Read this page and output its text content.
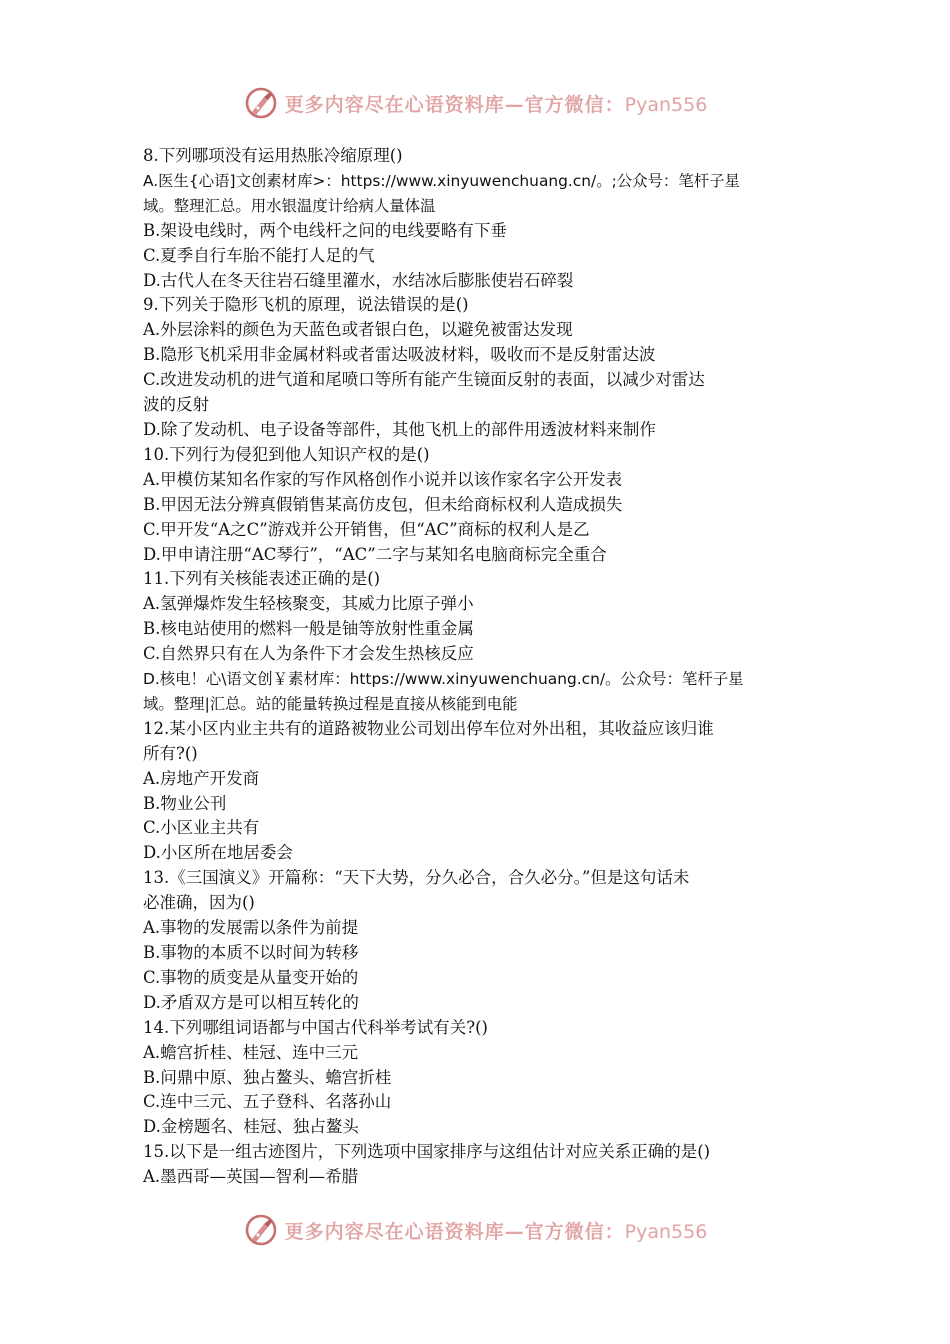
更多内容尽在心语资料库—官方微信：Pyan556
8.下列哪项没有运用热胀冷缩原理()
A.医生{心语]文创素材库>：https://www.xinyuwenchuang.cn/。;公众号：笔杆子星
域。整理汇总。用水银温度计给病人量体温
B.架设电线时，两个电线杆之问的电线要略有下垂
C.夏季自行车胎不能打人足的气
D.古代人在冬天往岩石缝里灌水，水结冰后膨胀使岩石碎裂
9.下列关于隐形飞机的原理，说法错误的是()
A.外层涂料的颜色为天蓝色或者银白色，以避免被雷达发现
B.隐形飞机采用非金属材料或者雷达吸波材料，吸收而不是反射雷达波
C.改进发动机的进气道和尾喷口等所有能产生镜面反射的表面，以减少对雷达
波的反射
D.除了发动机、电子设备等部件，其他飞机上的部件用透波材料来制作
10.下列行为侵犯到他人知识产权的是()
A.甲模仿某知名作家的写作风格创作小说并以该作家名字公开发表
B.甲因无法分辨真假销售某高仿皮包，但未给商标权利人造成损失
C.甲开发“A之C”游戏并公开销售，但“AC”商标的权利人是乙
D.甲申请注册“AC琴行”，“AC”二字与某知名电脑商标完全重合
11.下列有关核能表述正确的是()
A.氢弹爆炸发生轻核聚变，其威力比原子弹小
B.核电站使用的燃料一般是铀等放射性重金属
C.自然界只有在人为条件下才会发生热核反应
D.核电！心\语文创￥素材库：https://www.xinyuwenchuang.cn/。公众号：笔杆子星
域。整理|汇总。站的能量转换过程是直接从核能到电能
12.某小区内业主共有的道路被物业公司划出停车位对外出租，其收益应该归谁
所有?()
A.房地产开发商
B.物业公刊
C.小区业主共有
D.小区所在地居委会
13.《三国演义》开篇称：“天下大势，分久必合，合久必分。”但是这句话未
必准确，因为()
A.事物的发展需以条件为前提
B.事物的本质不以时间为转移
C.事物的质变是从量变开始的
D.矛盾双方是可以相互转化的
14.下列哪组词语都与中国古代科举考试有关?()
A.蟾宫折桂、桂冠、连中三元
B.问鼎中原、独占鳌头、蟾宫折桂
C.连中三元、五子登科、名落孙山
D.金榜题名、桂冠、独占鳌头
15.以下是一组古迹图片，下列选项中国家排序与这组估计对应关系正确的是()
A.墨西哥—英国—智利—希腊
更多内容尽在心语资料库—官方微信：Pyan556
